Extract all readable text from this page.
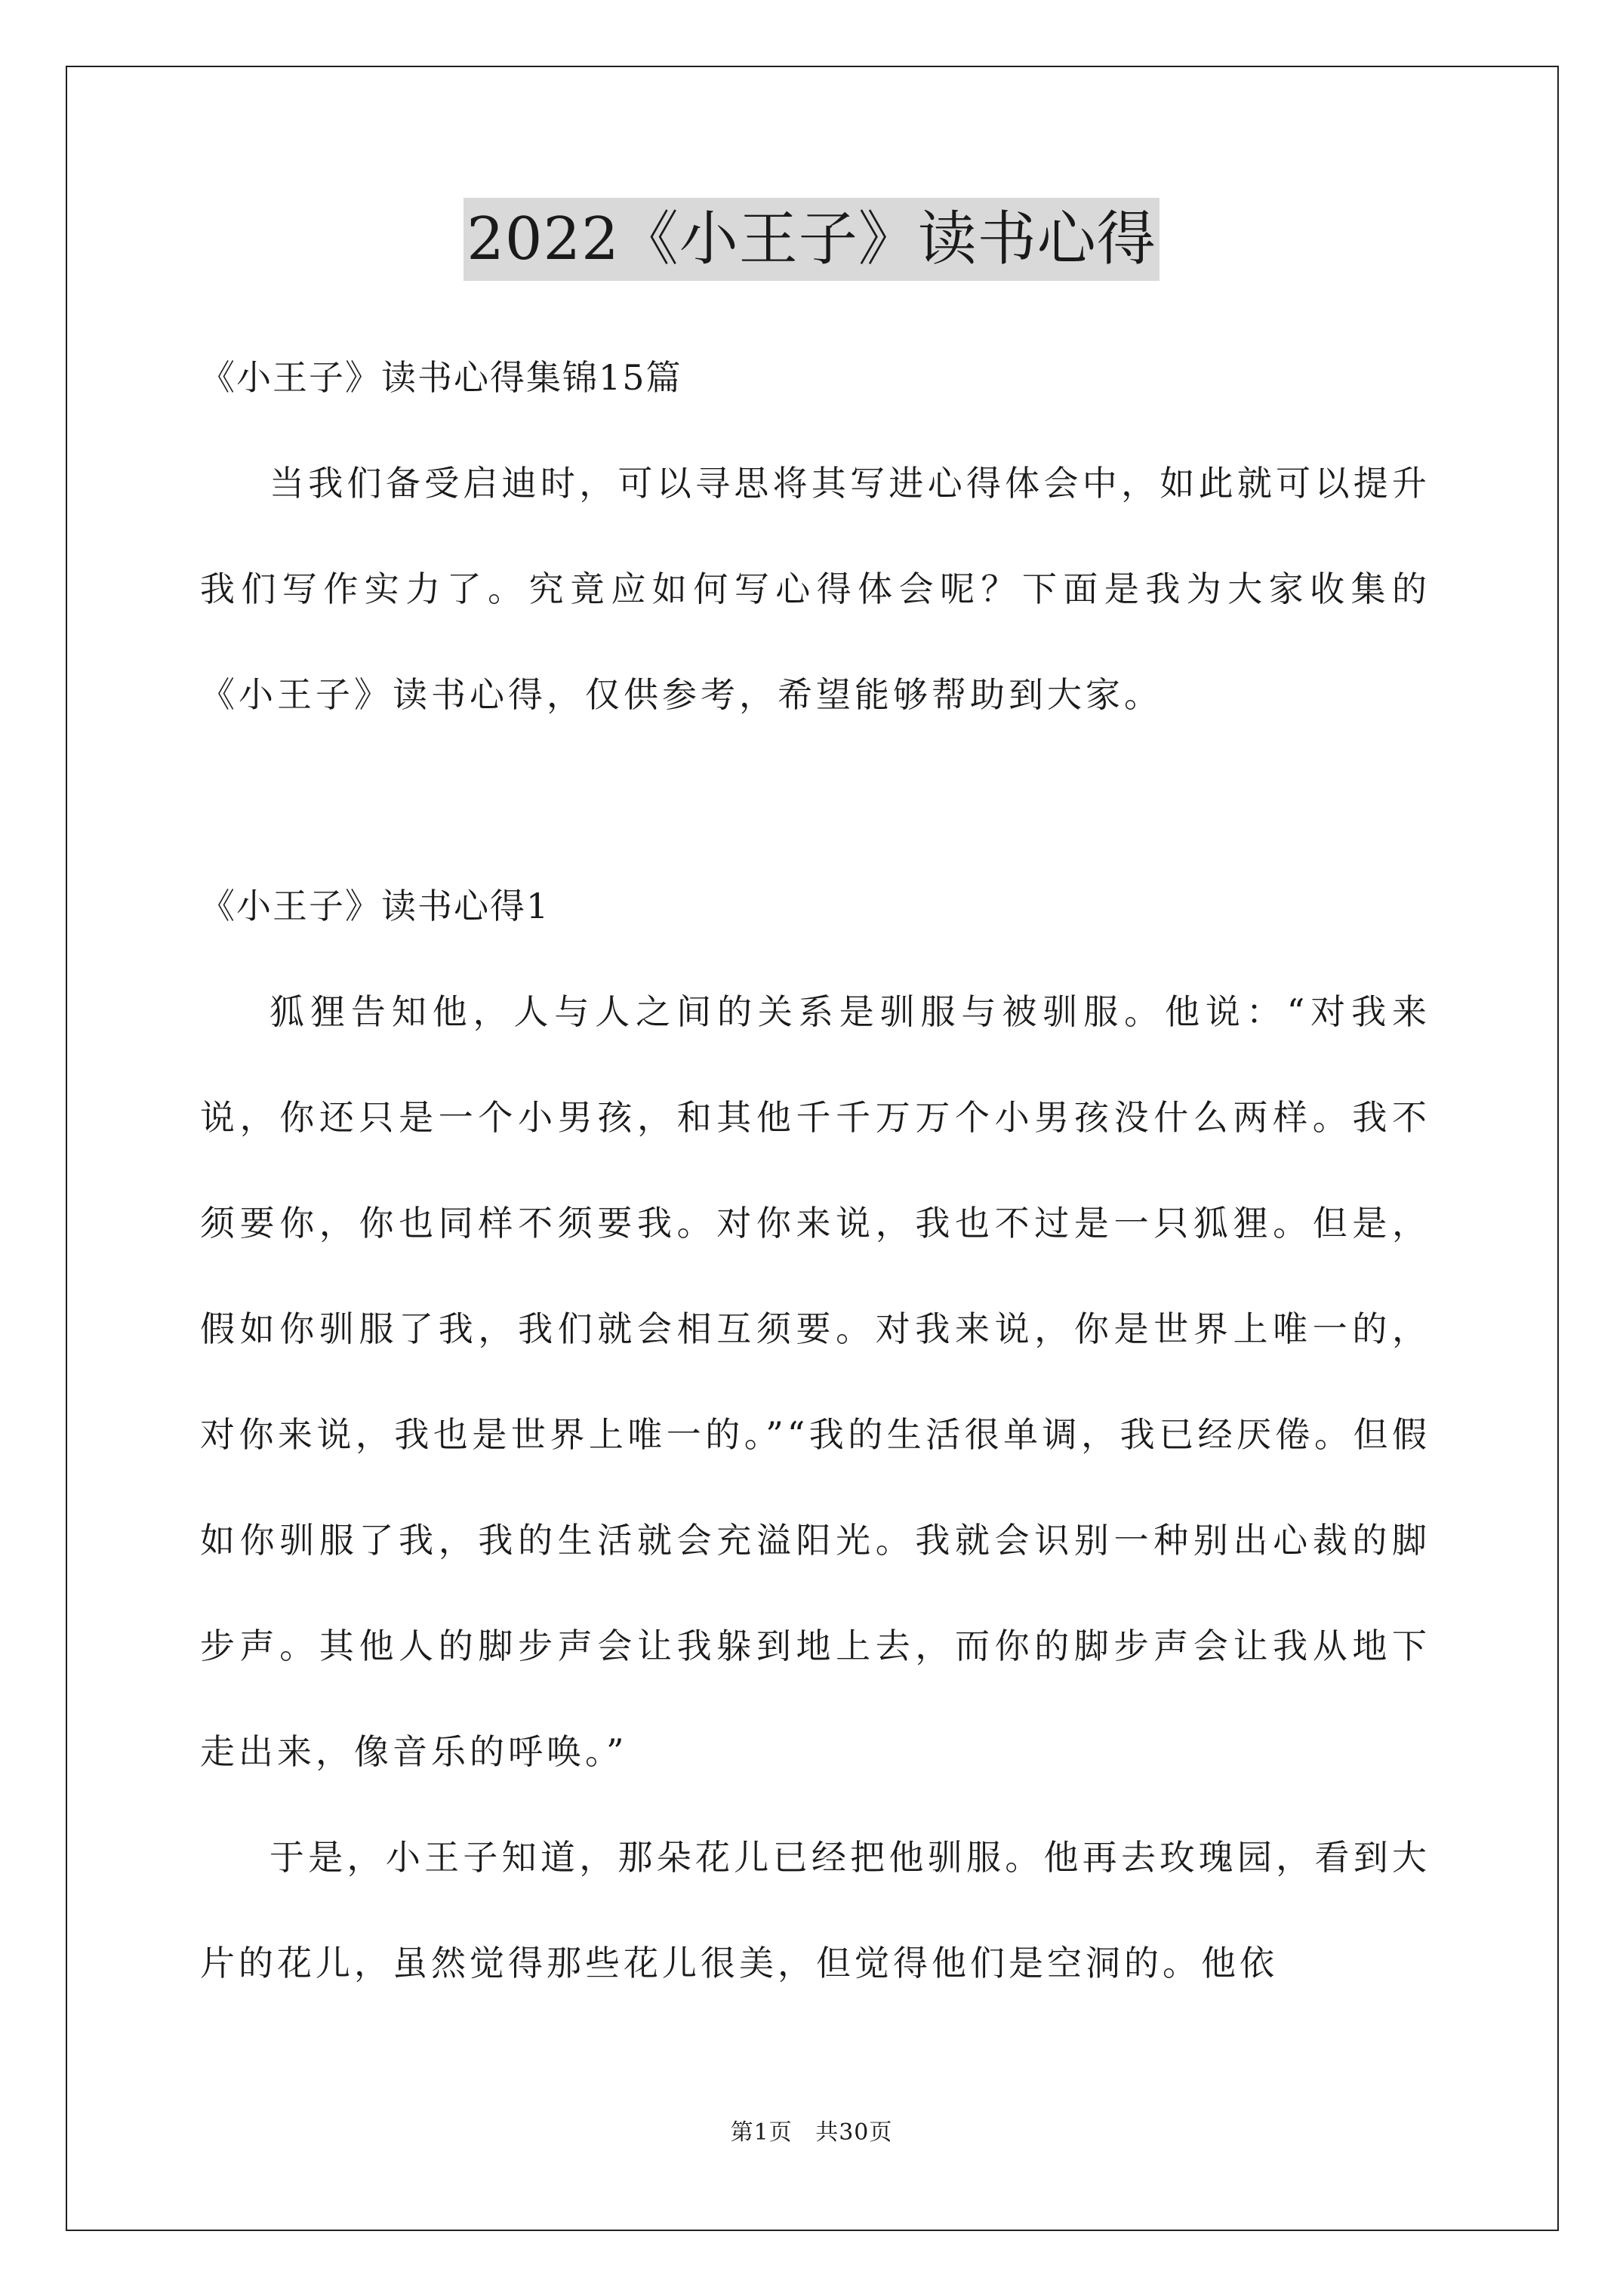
2022《小王子》读书心得

《小王子》读书心得集锦15篇

当我们备受启迪时，可以寻思将其写进心得体会中，如此就可以提升我们写作实力了。究竟应如何写心得体会呢？下面是我为大家收集的《小王子》读书心得，仅供参考，希望能够帮助到大家。

《小王子》读书心得1

狐狸告知他，人与人之间的关系是驯服与被驯服。他说：“对我来说，你还只是一个小男孩，和其他千千万万个小男孩没什么两样。我不须要你，你也同样不须要我。对你来说，我也不过是一只狐狸。但是，假如你驯服了我，我们就会相互须要。对我来说，你是世界上唯一的，对你来说，我也是世界上唯一的。”“我的生活很单调，我已经厌倦。但假如你驯服了我，我的生活就会充溢阳光。我就会识别一种别出心裁的脚步声。其他人的脚步声会让我躲到地上去，而你的脚步声会让我从地下走出来，像音乐的呼唤。”

于是，小王子知道，那朵花儿已经把他驯服。他再去玫瑰园，看到大片的花儿，虽然觉得那些花儿很美，但觉得他们是空洞的。他依

第1页 共30页
